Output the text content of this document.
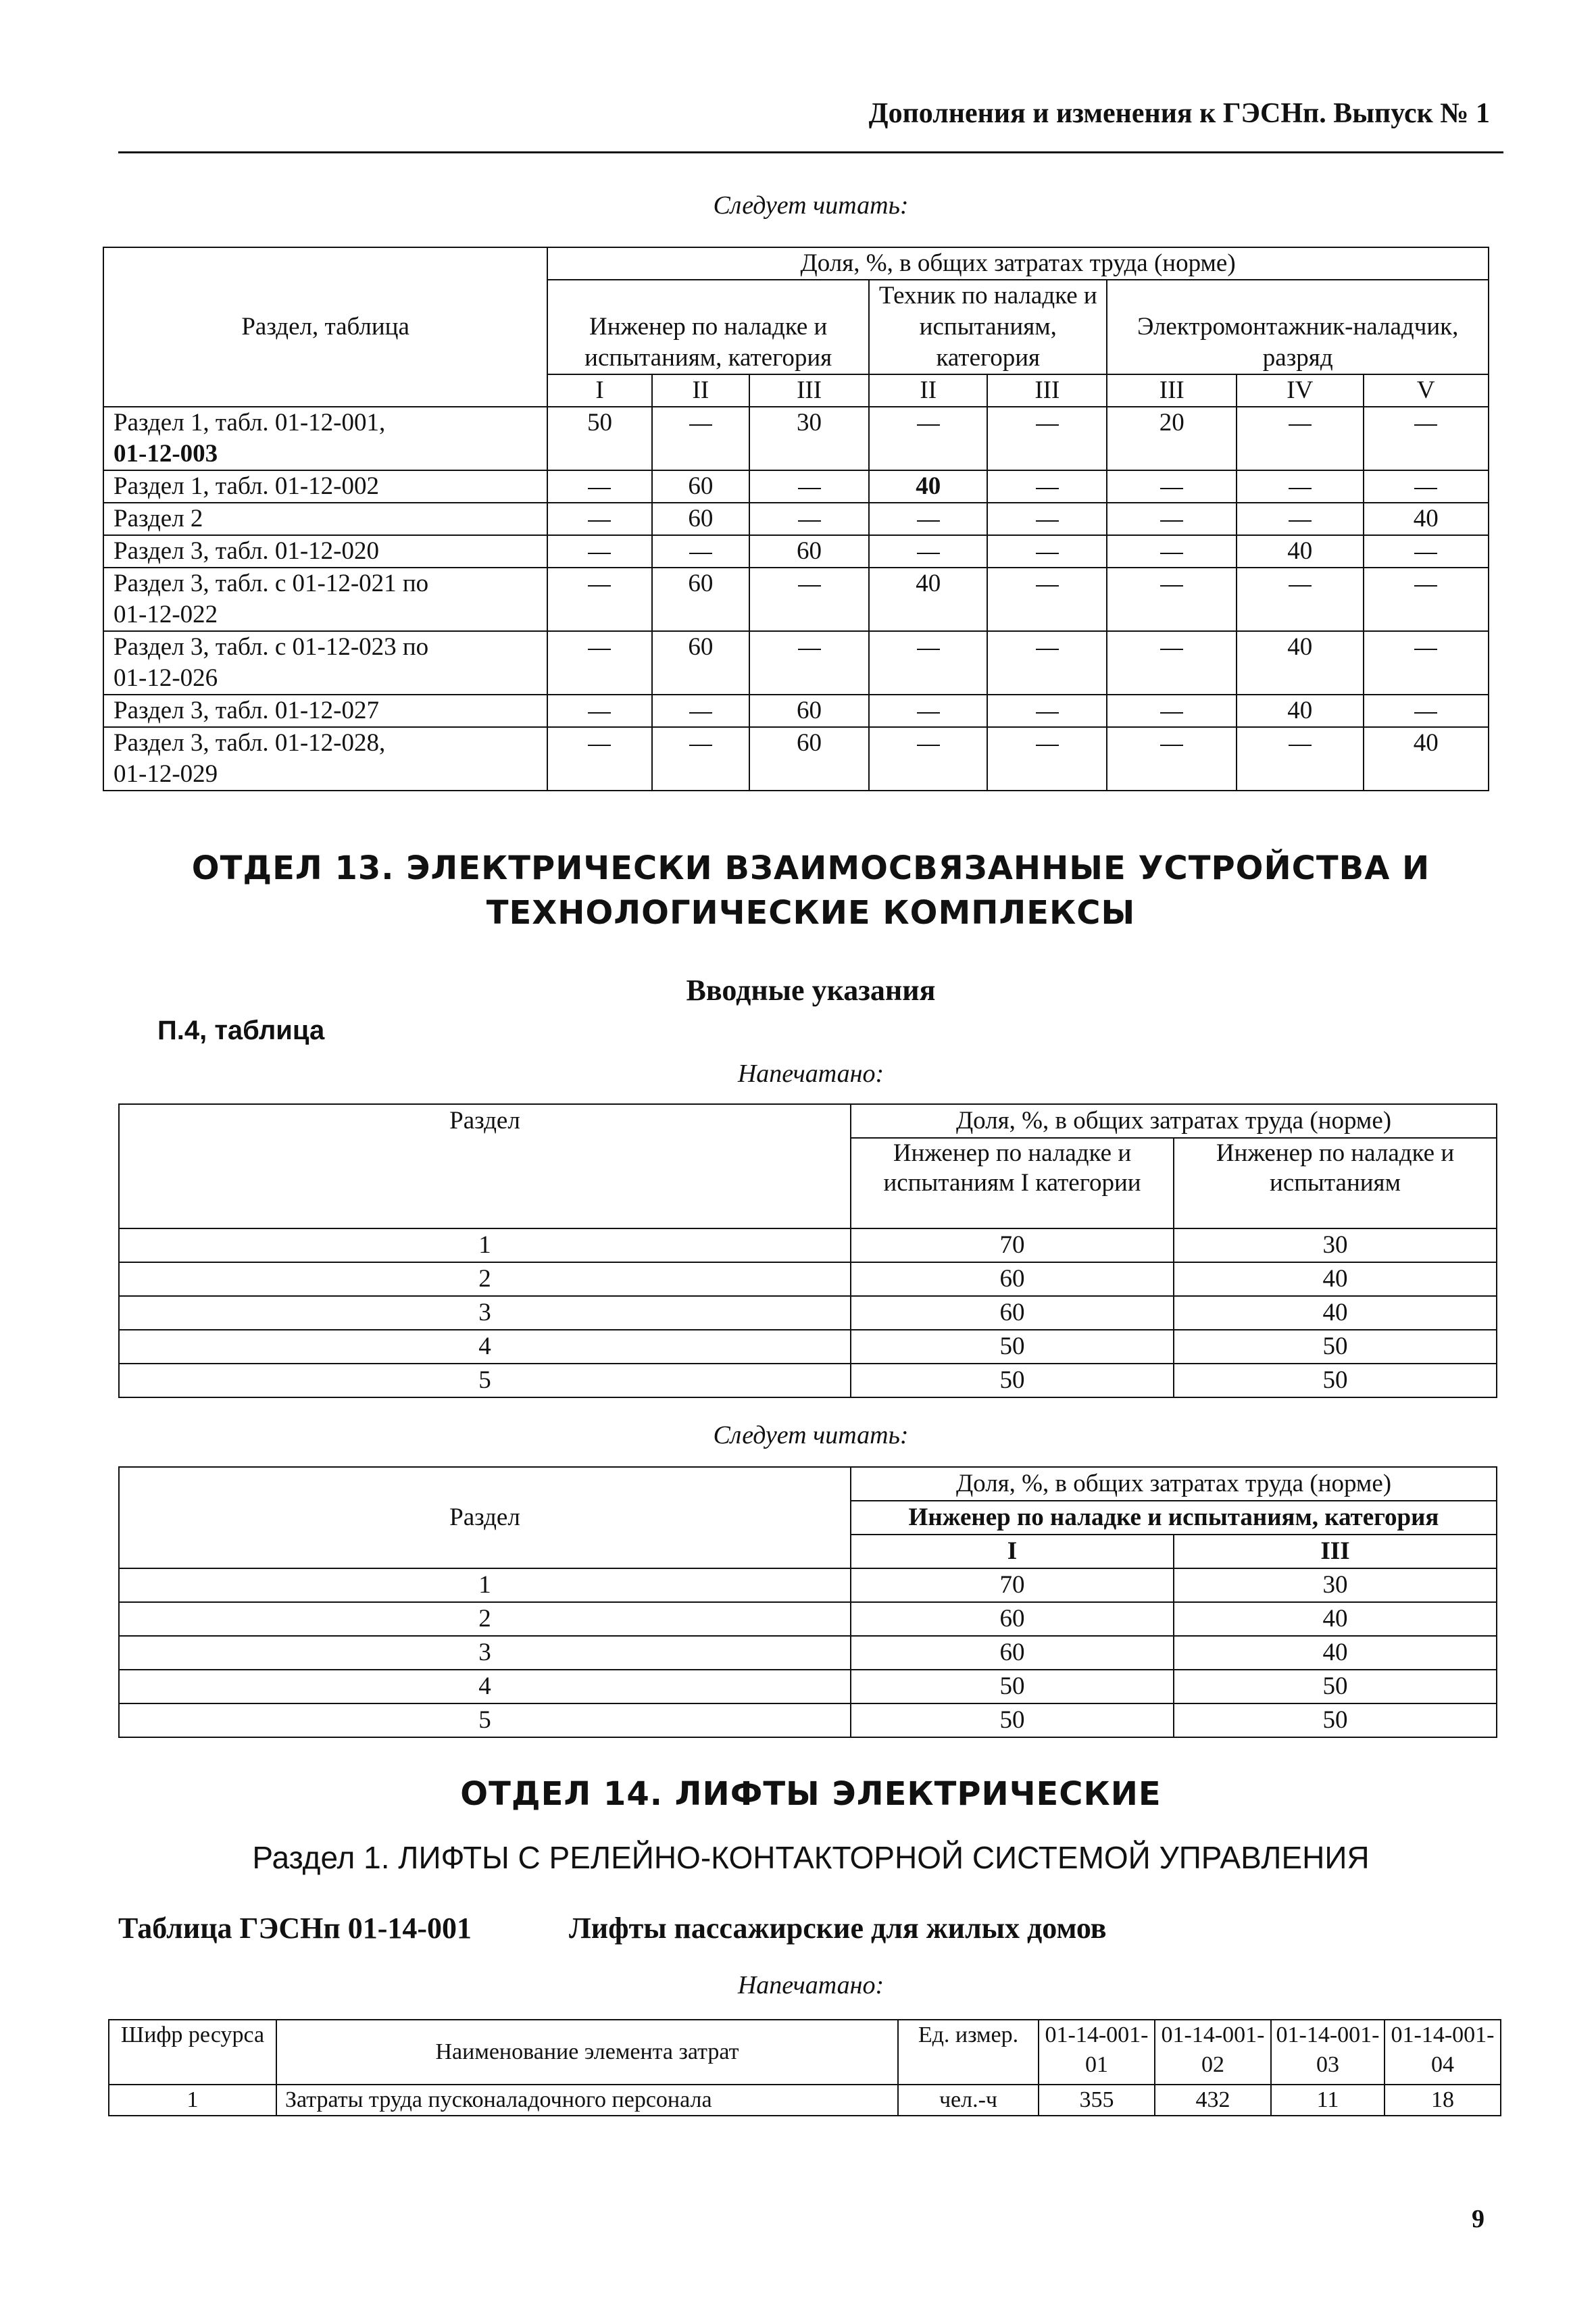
Дополнения и изменения к ГЭСНп. Выпуск № 1
Следует читать:
Раздел, таблица	Доля, %, в общих затратах труда (норме)							
	Инженер по наладке и испытаниям, категория			Техник по наладке и испытаниям, категория		Электромонтажник-наладчик, разряд		
	I	II	III	II	III	III	IV	V

Раздел 1, табл. 01-12-001,
01-12-003	50		30			20		

Раздел 1, табл. 01-12-002		60		40				

Раздел 2		60						40

Раздел 3, табл. 01-12-020			60				40	

Раздел 3, табл. с 01-12-021 по
01-12-022		60		40				

Раздел 3, табл. с 01-12-023 по
01-12-026		60					40	

Раздел 3, табл. 01-12-027			60				40	

Раздел 3, табл. 01-12-028,
01-12-029			60					40
ОТДЕЛ 13. ЭЛЕКТРИЧЕСКИ ВЗАИМОСВЯЗАННЫЕ УСТРОЙСТВА И
ТЕХНОЛОГИЧЕСКИЕ КОМПЛЕКСЫ
Вводные указания
П.4, таблица
Напечатано:
Раздел	Доля, %, в общих затратах труда (норме)	
	Инженер по наладке и испытаниям I категории	Инженер по наладке и испытаниям
1	70	30
2	60	40
3	60	40
4	50	50
5	50	50
Следует читать:
Раздел	Доля, %, в общих затратах труда (норме)	
	Инженер по наладке и испытаниям, категория	
	I	III
1	70	30
2	60	40
3	60	40
4	50	50
5	50	50
ОТДЕЛ 14. ЛИФТЫ ЭЛЕКТРИЧЕСКИЕ
Раздел 1. ЛИФТЫ С РЕЛЕЙНО-КОНТАКТОРНОЙ СИСТЕМОЙ УПРАВЛЕНИЯ
Таблица ГЭСНп 01-14-001	Лифты пассажирские для жилых домов
Напечатано:
Шифр ресурса	Наименование элемента затрат	Ед. измер.	01-14-001-01	01-14-001-02	01-14-001-03	01-14-001-04
1	Затраты труда пусконаладочного персонала	чел.-ч	355	432	11	18
9
